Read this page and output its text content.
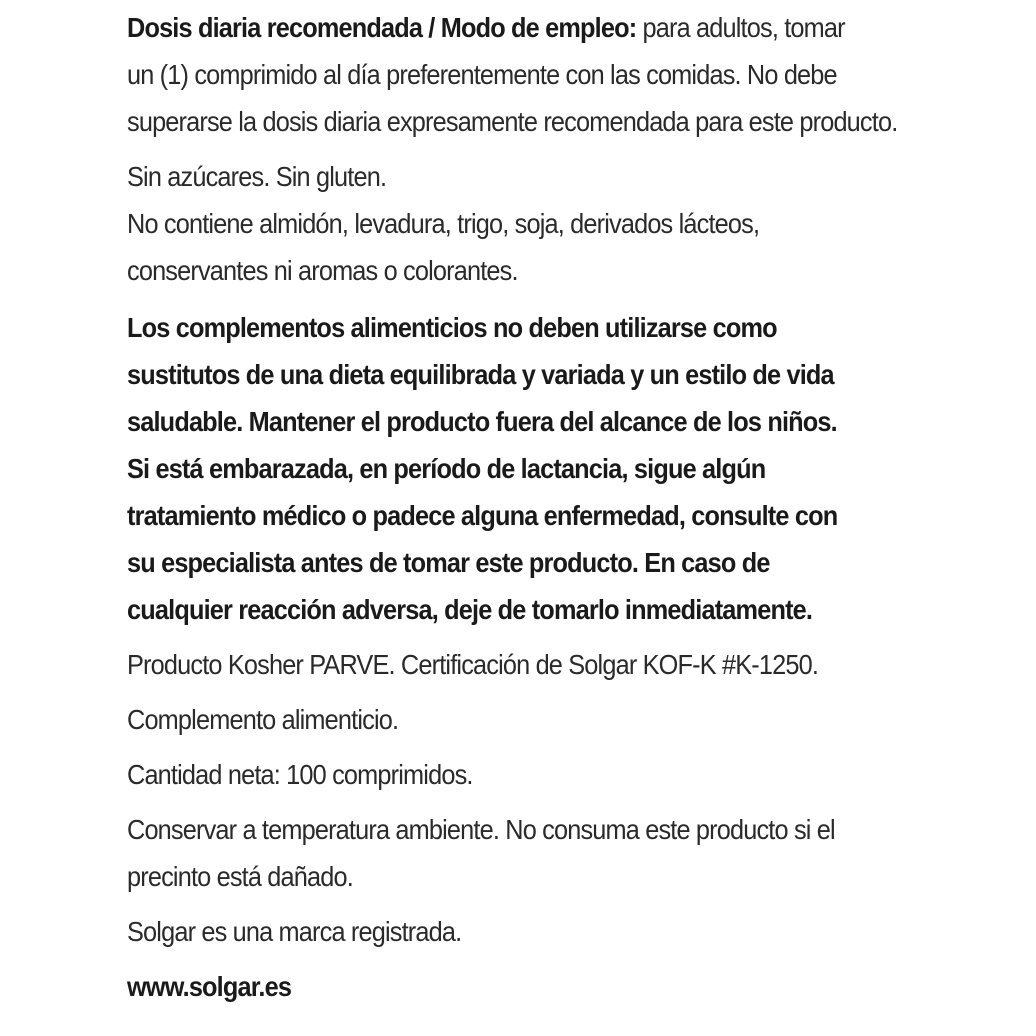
Dosis diaria recomendada / Modo de empleo: para adultos, tomar
un (1) comprimido al día preferentemente con las comidas. No debe
superarse la dosis diaria expresamente recomendada para este producto.
Sin azúcares. Sin gluten.
No contiene almidón, levadura, trigo, soja, derivados lácteos,
conservantes ni aromas o colorantes.
Los complementos alimenticios no deben utilizarse como
sustitutos de una dieta equilibrada y variada y un estilo de vida
saludable. Mantener el producto fuera del alcance de los niños.
Si está embarazada, en período de lactancia, sigue algún
tratamiento médico o padece alguna enfermedad, consulte con
su especialista antes de tomar este producto. En caso de
cualquier reacción adversa, deje de tomarlo inmediatamente.
Producto Kosher PARVE. Certificación de Solgar KOF-K #K-1250.
Complemento alimenticio.
Cantidad neta: 100 comprimidos.
Conservar a temperatura ambiente. No consuma este producto si el
precinto está dañado.
Solgar es una marca registrada.
www.solgar.es
